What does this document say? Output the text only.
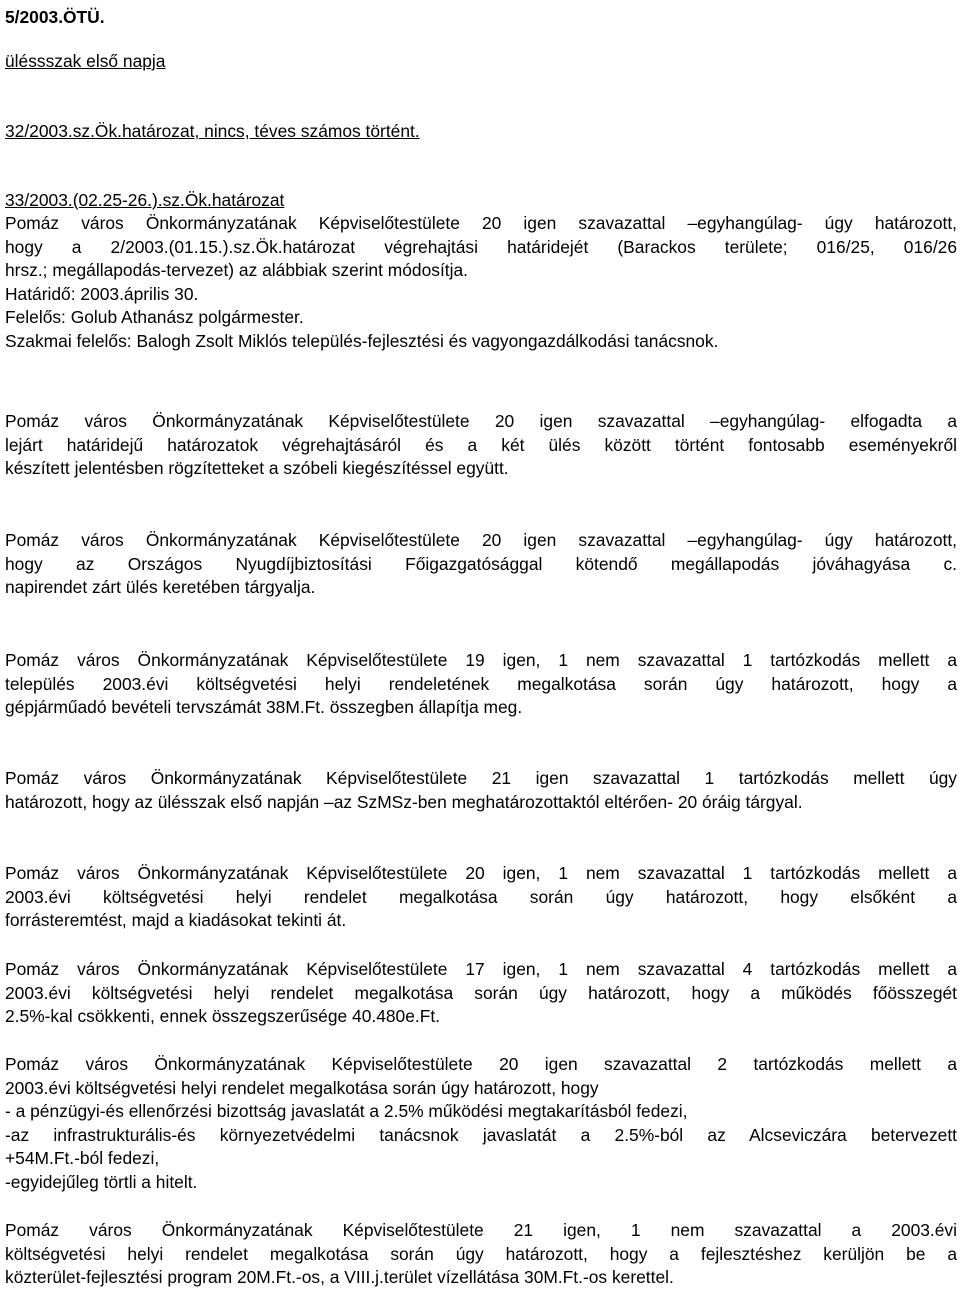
5/2003.ÖTÜ.
üléssszak első napja
32/2003.sz.Ök.határozat, nincs, téves számos történt.
33/2003.(02.25-26.).sz.Ök.határozat
Pomáz város Önkormányzatának Képviselőtestülete 20 igen szavazattal –egyhangúlag- úgy határozott,
hogy a 2/2003.(01.15.).sz.Ök.határozat végrehajtási határidejét (Barackos területe; 016/25, 016/26
hrsz.; megállapodás-tervezet) az alábbiak szerint módosítja.
Határidő: 2003.április 30.
Felelős: Golub Athanász polgármester.
Szakmai felelős: Balogh Zsolt Miklós település-fejlesztési és vagyongazdálkodási tanácsnok.
Pomáz város Önkormányzatának Képviselőtestülete 20 igen szavazattal –egyhangúlag- elfogadta a
lejárt határidejű határozatok végrehajtásáról és a két ülés között történt fontosabb eseményekről
készített jelentésben rögzítetteket a szóbeli kiegészítéssel együtt.
Pomáz város Önkormányzatának Képviselőtestülete 20 igen szavazattal –egyhangúlag- úgy határozott,
hogy az Országos Nyugdíjbiztosítási Főigazgatósággal kötendő megállapodás jóváhagyása c.
napirendet zárt ülés keretében tárgyalja.
Pomáz város Önkormányzatának Képviselőtestülete 19 igen, 1 nem szavazattal 1 tartózkodás mellett a
település 2003.évi költségvetési helyi rendeletének megalkotása során úgy határozott, hogy a
gépjárműadó bevételi tervszámát 38M.Ft. összegben állapítja meg.
Pomáz város Önkormányzatának Képviselőtestülete 21 igen szavazattal 1 tartózkodás mellett úgy
határozott, hogy az ülésszak első napján –az SzMSz-ben meghatározottaktól eltérően- 20 óráig tárgyal.
Pomáz város Önkormányzatának Képviselőtestülete 20 igen, 1 nem szavazattal 1 tartózkodás mellett a
2003.évi költségvetési helyi rendelet megalkotása során úgy határozott, hogy elsőként a
forrásteremtést, majd a kiadásokat tekinti át.
Pomáz város Önkormányzatának Képviselőtestülete 17 igen, 1 nem szavazattal 4 tartózkodás mellett a
2003.évi költségvetési helyi rendelet megalkotása során úgy határozott, hogy a működés főösszegét
2.5%-kal csökkenti, ennek összegszerűsége 40.480e.Ft.
Pomáz város Önkormányzatának Képviselőtestülete 20 igen szavazattal 2 tartózkodás mellett a
2003.évi költségvetési helyi rendelet megalkotása során úgy határozott, hogy
- a pénzügyi-és ellenőrzési bizottság javaslatát a 2.5% működési megtakarításból fedezi,
-az infrastrukturális-és környezetvédelmi tanácsnok javaslatát a 2.5%-ból az Alcseviczára betervezett
+54M.Ft.-ból fedezi,
-egyidejűleg törtli a hitelt.
Pomáz város Önkormányzatának Képviselőtestülete 21 igen, 1 nem szavazattal a 2003.évi
költségvetési helyi rendelet megalkotása során úgy határozott, hogy a fejlesztéshez kerüljön be a
közterület-fejlesztési program 20M.Ft.-os, a VIII.j.terület vízellátása 30M.Ft.-os kerettel.
